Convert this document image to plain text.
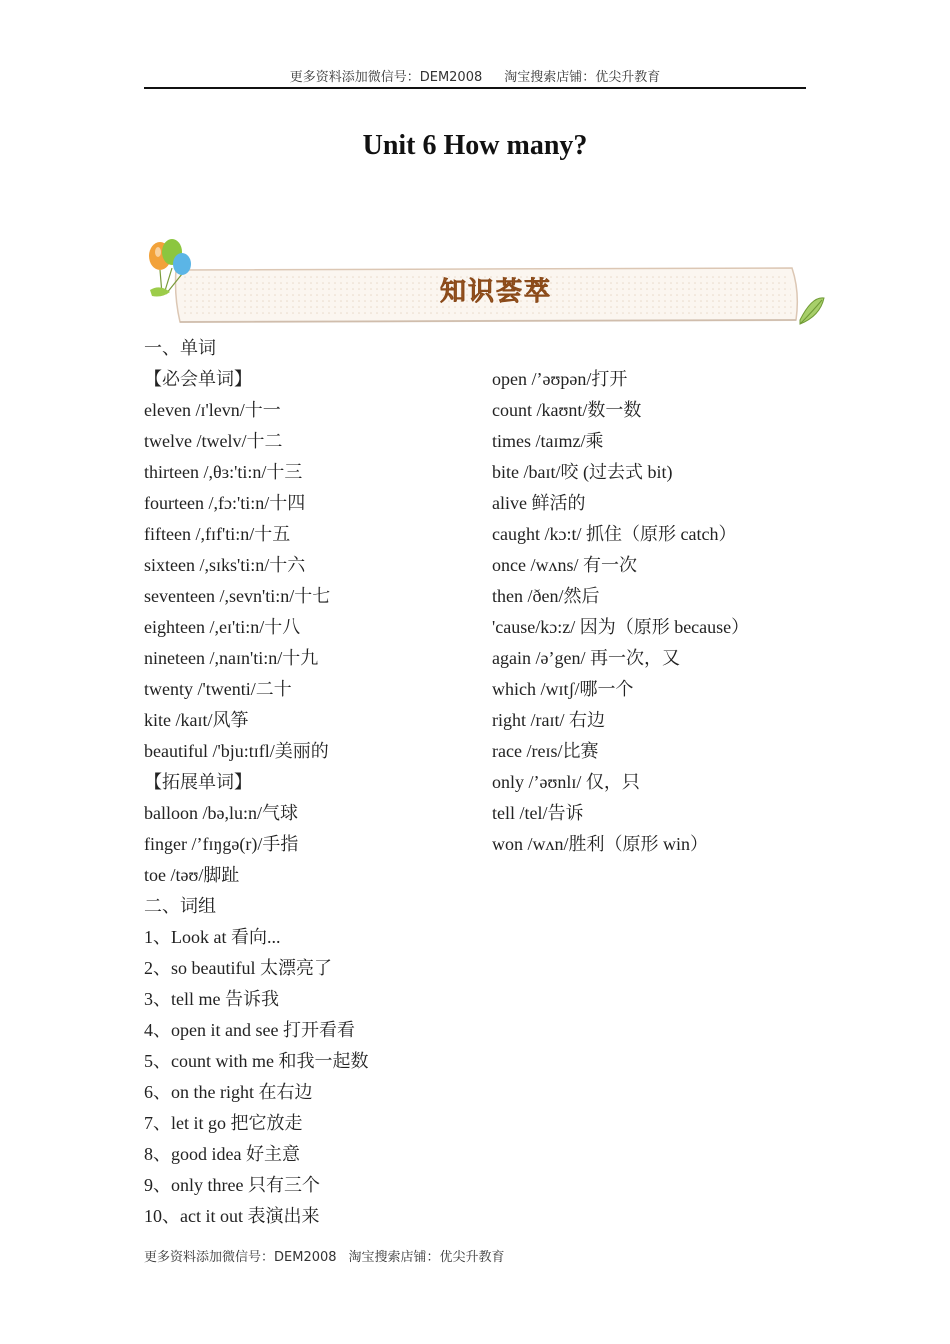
更多资料添加微信号：DEM2008 淘宝搜索店铺：优尖升教育
Unit 6 How many?
知识荟萃
一、单词
【必会单词】
eleven /ɪ'levn/十一
twelve /twelv/十二
thirteen /,θɜ:'ti:n/十三
fourteen /,fɔ:'ti:n/十四
fifteen /,fɪf'ti:n/十五
sixteen /,sɪks'ti:n/十六
seventeen /,sevn'ti:n/十七
eighteen /,eɪ'ti:n/十八
nineteen /,naɪn'ti:n/十九
twenty /'twenti/二十
kite /kaɪt/风筝
beautiful /'bju:tɪfl/美丽的
【拓展单词】
balloon /bə,lu:n/气球
finger /’fɪŋgə(r)/手指
toe /təʊ/脚趾
二、词组
1、Look at 看向...
2、so beautiful 太漂亮了
3、tell me 告诉我
4、open it and see 打开看看
5、count with me 和我一起数
6、on the right 在右边
7、let it go 把它放走
8、good idea 好主意
9、only three 只有三个
10、act it out 表演出来
open /’əʊpən/打开
count /kaʊnt/数一数
times /taɪmz/乘
bite /baɪt/咬 (过去式 bit)
alive 鲜活的
caught /kɔ:t/ 抓住（原形 catch）
once /wʌns/ 有一次
then /ðen/然后
'cause/kɔ:z/ 因为（原形 because）
again /ə’gen/ 再一次，又
which /wɪtʃ/哪一个
right /raɪt/ 右边
race /reɪs/比赛
only /’əʊnlɪ/ 仅，只
tell /tel/告诉
won /wʌn/胜利（原形 win）
更多资料添加微信号：DEM2008 淘宝搜索店铺：优尖升教育
